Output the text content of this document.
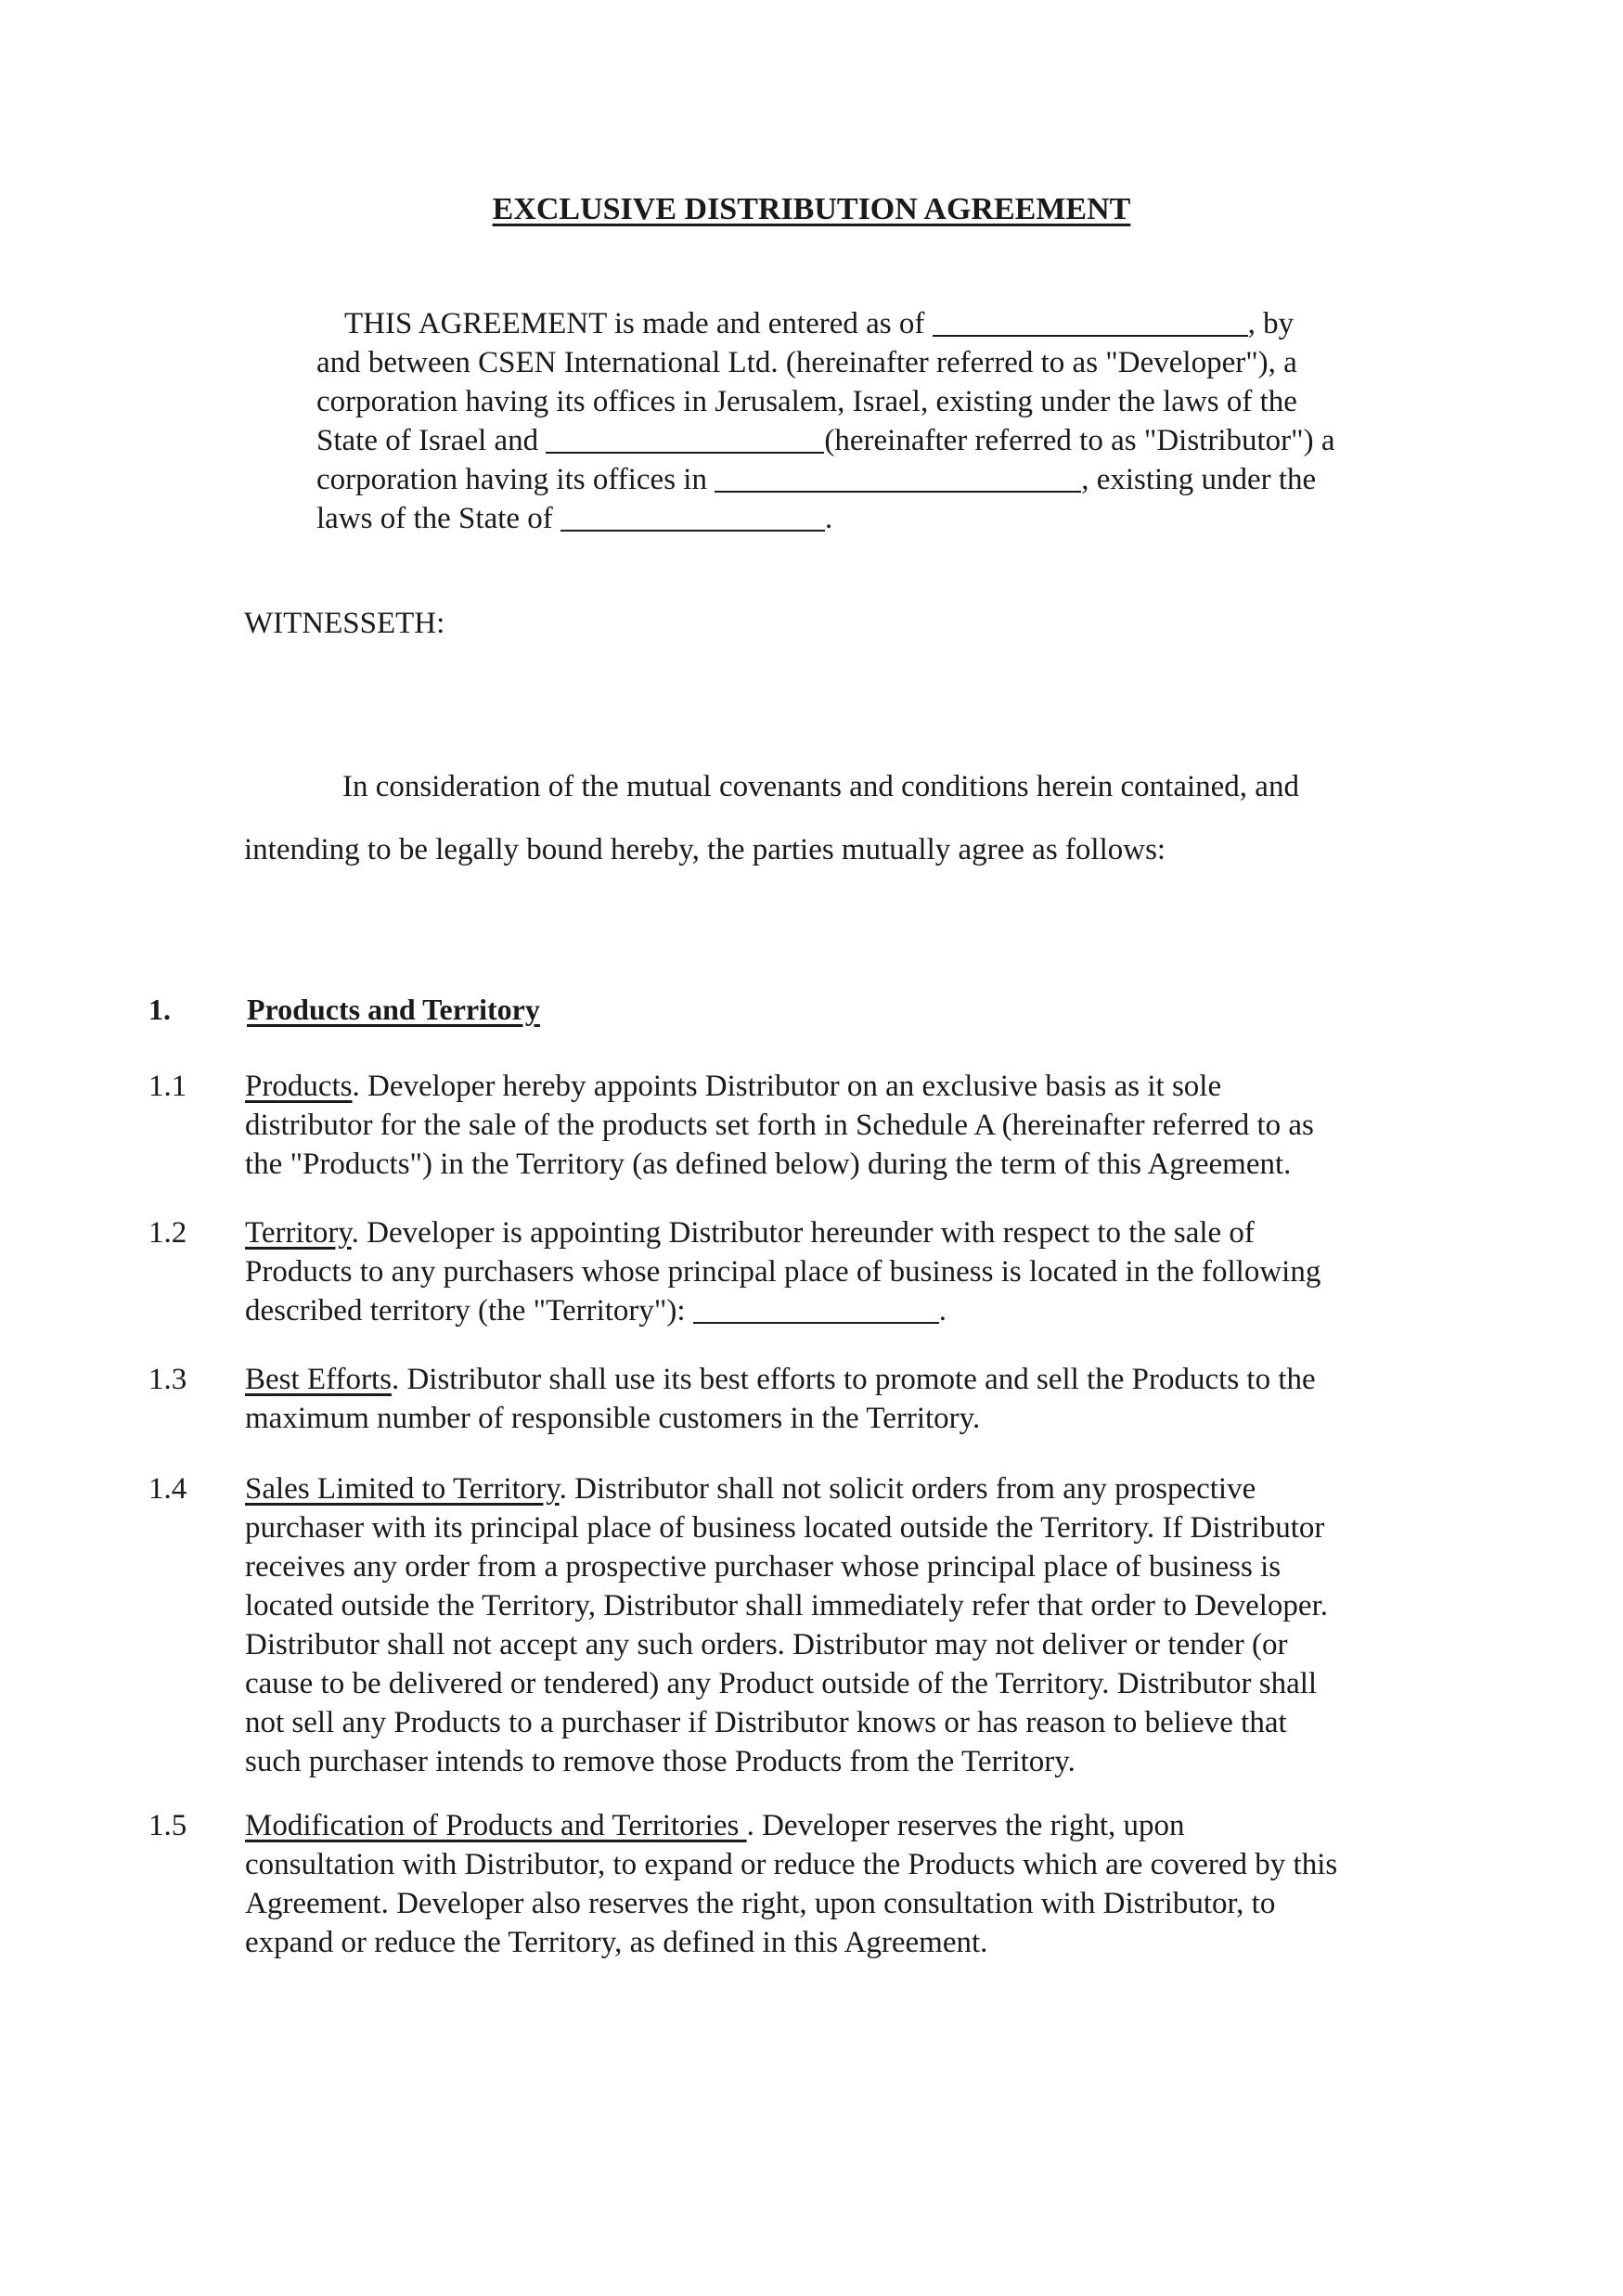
EXCLUSIVE DISTRIBUTION AGREEMENT

THIS AGREEMENT is made and entered as of	, by
and between CSEN International Ltd. (hereinafter referred to as "Developer"), a
corporation having its offices in Jerusalem, Israel, existing under the laws of the
State of Israel and	(hereinafter referred to as "Distributor") a
corporation having its offices in	, existing under the
laws of the State of	.

WITNESSETH:

In consideration of the mutual covenants and conditions herein contained, and
intending to be legally bound hereby, the parties mutually agree as follows:

1.	Products and Territory

1.1 Products. Developer hereby appoints Distributor on an exclusive basis as it sole
distributor for the sale of the products set forth in Schedule A (hereinafter referred to as
the "Products") in the Territory (as defined below) during the term of this Agreement.
1.2 Territory. Developer is appointing Distributor hereunder with respect to the sale of
Products to any purchasers whose principal place of business is located in the following
described territory (the "Territory"):	.
1.3 Best Efforts. Distributor shall use its best efforts to promote and sell the Products to the
maximum number of responsible customers in the Territory.
1.4 Sales Limited to Territory. Distributor shall not solicit orders from any prospective
purchaser with its principal place of business located outside the Territory. If Distributor
receives any order from a prospective purchaser whose principal place of business is
located outside the Territory, Distributor shall immediately refer that order to Developer.
Distributor shall not accept any such orders. Distributor may not deliver or tender (or
cause to be delivered or tendered) any Product outside of the Territory. Distributor shall
not sell any Products to a purchaser if Distributor knows or has reason to believe that
such purchaser intends to remove those Products from the Territory.
1.5 Modification of Products and Territories . Developer reserves the right, upon
consultation with Distributor, to expand or reduce the Products which are covered by this
Agreement. Developer also reserves the right, upon consultation with Distributor, to
expand or reduce the Territory, as defined in this Agreement.
